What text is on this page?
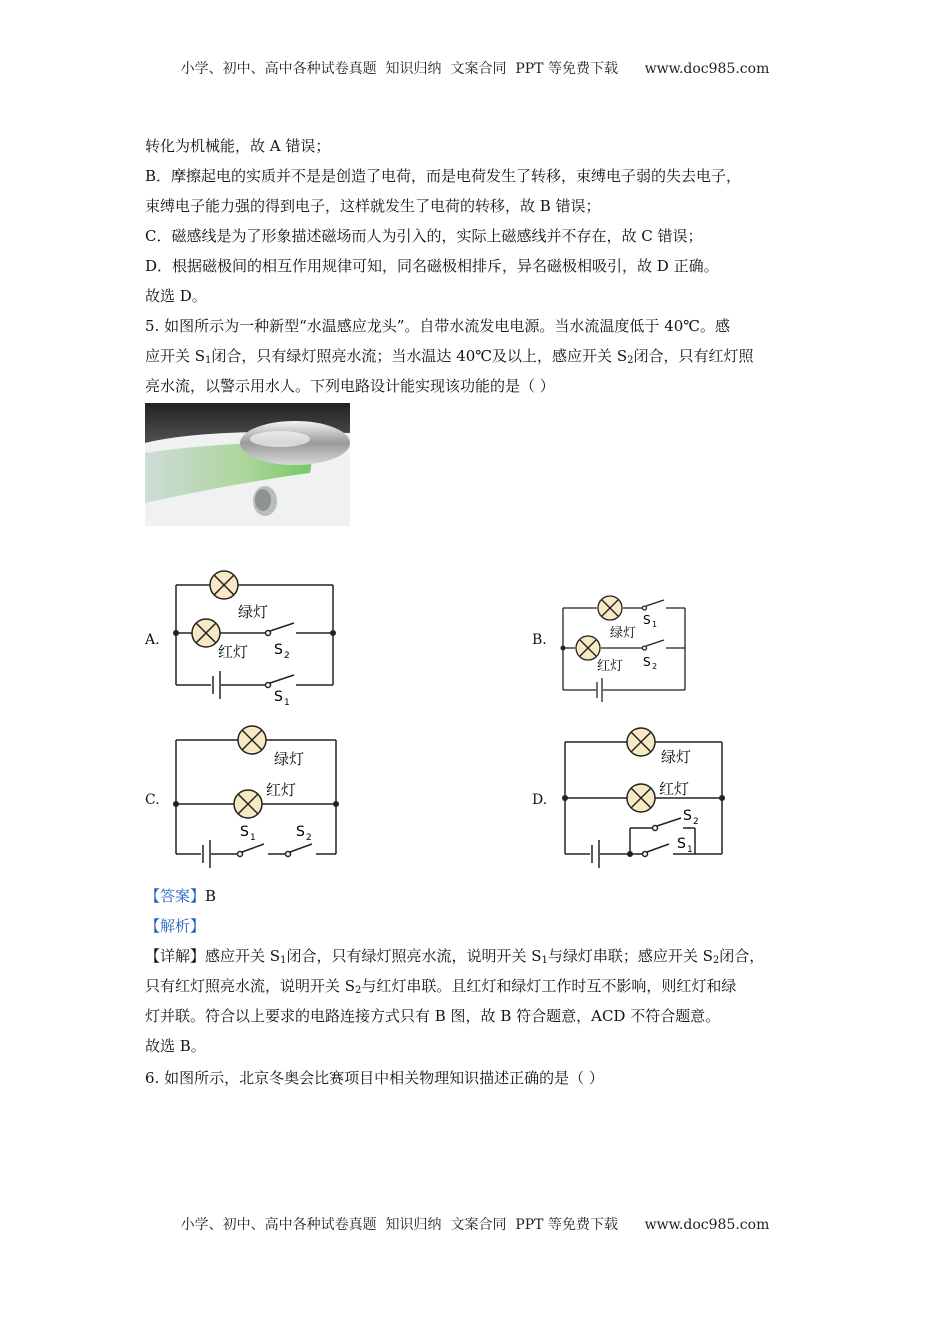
小学、初中、高中各种试卷真题  知识归纳  文案合同  PPT 等免费下载      www.doc985.com
转化为机械能，故 A 错误；
B．摩擦起电的实质并不是是创造了电荷，而是电荷发生了转移，束缚电子弱的失去电子，
束缚电子能力强的得到电子，这样就发生了电荷的转移，故 B 错误；
C．磁感线是为了形象描述磁场而人为引入的，实际上磁感线并不存在，故 C 错误；
D．根据磁极间的相互作用规律可知，同名磁极相排斥，异名磁极相吸引，故 D 正确。
故选 D。
5. 如图所示为一种新型“水温感应龙头”。自带水流发电电源。当水流温度低于 40℃。感
应开关 $S_1$闭合，只有绿灯照亮水流；当水温达 40℃及以上，感应开关 $S_2$闭合，只有红灯照
亮水流，以警示用水人。下列电路设计能实现该功能的是（ ）
A.
绿灯
红灯 S 2
S 1
B.	绿灯
红灯
S 1
S 2
C.
绿灯
红灯
S 1	S 2
D.
绿灯
红灯
S 2
S 1
【答案】B
【解析】
【详解】感应开关 $S_1$闭合，只有绿灯照亮水流，说明开关 $S_1$与绿灯串联；感应开关 $S_2$闭合，
只有红灯照亮水流，说明开关 $S_2$与红灯串联。且红灯和绿灯工作时互不影响，则红灯和绿
灯并联。符合以上要求的电路连接方式只有 B 图，故 B 符合题意，ACD 不符合题意。
故选 B。
6. 如图所示，北京冬奥会比赛项目中相关物理知识描述正确的是（ ）
小学、初中、高中各种试卷真题  知识归纳  文案合同  PPT 等免费下载      www.doc985.com
